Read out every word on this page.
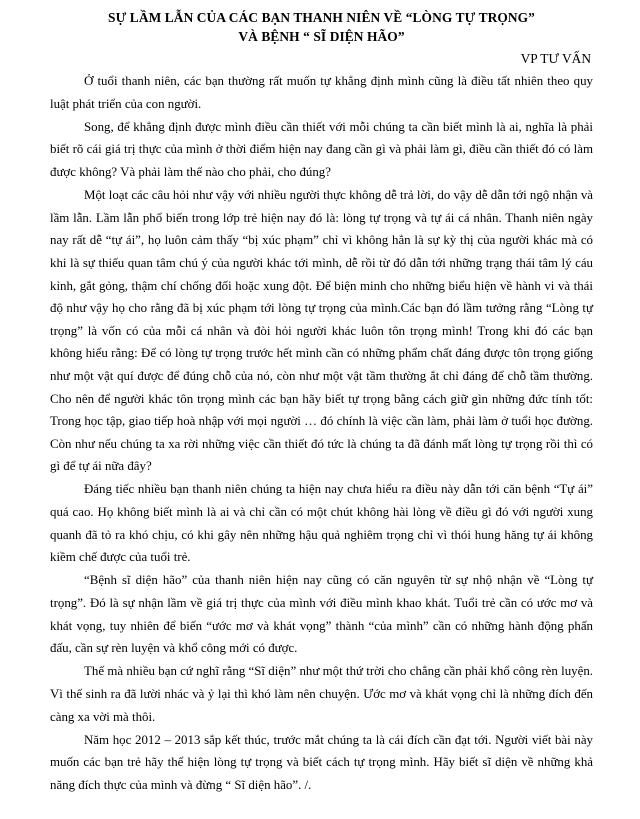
SỰ LẦM LẪN CỦA CÁC BẠN THANH NIÊN VỀ “LÒNG TỰ TRỌNG”
VÀ BỆNH “ SĨ DIỆN HÃO”
VP TƯ VẤN

Ở tuổi thanh niên, các bạn thường rất muốn tự khẳng định mình cũng là điều tất nhiên theo quy luật phát triển của con người.

Song, để khẳng định được mình điều cần thiết với mỗi chúng ta cần biết mình là ai, nghĩa là phải biết rõ cái giá trị thực của mình ở thời điểm hiện nay đang cần gì và phải làm gì, điều cần thiết đó có làm được không? Và phải làm thế nào cho phải, cho đúng?

Một loạt các câu hỏi như vậy với nhiều người thực không dễ trả lời, do vậy dễ dẫn tới ngộ nhận và lầm lẫn. Lầm lẫn phổ biến trong lớp trẻ hiện nay đó là: lòng tự trọng và tự ái cá nhân. Thanh niên ngày nay rất dễ “tự ái”, họ luôn cảm thấy “bị xúc phạm” chỉ vì không hẳn là sự kỳ thị của người khác mà có khi là sự thiếu quan tâm chú ý của người khác tới mình, dễ rồi từ đó dẫn tới những trạng thái tâm lý cáu kỉnh, gắt gỏng, thậm chí chống đối hoặc xung đột. Để biện minh cho những biểu hiện về hành vi và thái độ như vậy họ cho rằng đã bị xúc phạm tới lòng tự trọng của mình.Các bạn đó lầm tưởng rằng “Lòng tự trọng” là vốn có của mỗi cá nhân và đòi hỏi người khác luôn tôn trọng mình! Trong khi đó các bạn không hiểu rằng: Để có lòng tự trọng trước hết mình cần có những phẩm chất đáng được tôn trọng giống như một vật quí được để đúng chỗ của nó, còn như một vật tầm thường ắt chỉ đáng để chỗ tầm thường. Cho nên để người khác tôn trọng mình các bạn hãy biết tự trọng bằng cách giữ gìn những đức tính tốt: Trong học tập, giao tiếp hoà nhập với mọi người … đó chính là việc cần làm, phải làm ở tuổi học đường. Còn như nếu chúng ta xa rời những việc cần thiết đó tức là chúng ta đã đánh mất lòng tự trọng rồi thì có gì để tự ái nữa đây?

Đáng tiếc nhiều bạn thanh niên chúng ta hiện nay chưa hiểu ra điều này dẫn tới căn bệnh “Tự ái” quá cao. Họ không biết mình là ai và chỉ cần có một chút không hài lòng về điều gì đó với người xung quanh đã tỏ ra khó chịu, có khi gây nên những hậu quả nghiêm trọng chỉ vì thói hung hăng tự ái không kiềm chế được của tuổi trẻ.

“Bệnh sĩ diện hão” của thanh niên hiện nay cũng có căn nguyên từ sự nhộ nhận về “Lòng tự trọng”. Đó là sự nhận lầm về giá trị thực của mình với điều mình khao khát. Tuổi trẻ cần có ước mơ và khát vọng, tuy nhiên để biến “ước mơ và khát vọng” thành “của mình” cần có những hành động phấn đấu, cần sự rèn luyện và khổ công mới có được.

Thế mà nhiều bạn cứ nghĩ rằng “Sĩ diện” như một thứ trời cho chẳng cần phải khổ công rèn luyện. Vì thế sinh ra đã lười nhác và ỷ lại thì khó làm nên chuyện. Ước mơ và khát vọng chỉ là những đích đến càng xa vời mà thôi.

Năm học 2012 – 2013 sắp kết thúc, trước mắt chúng ta là cái đích cần đạt tới. Người viết bài này muốn các bạn trẻ hãy thể hiện lòng tự trọng và biết cách tự trọng mình. Hãy biết sĩ diện về những khả năng đích thực của mình và đừng “ Sĩ diện hão”. /.
